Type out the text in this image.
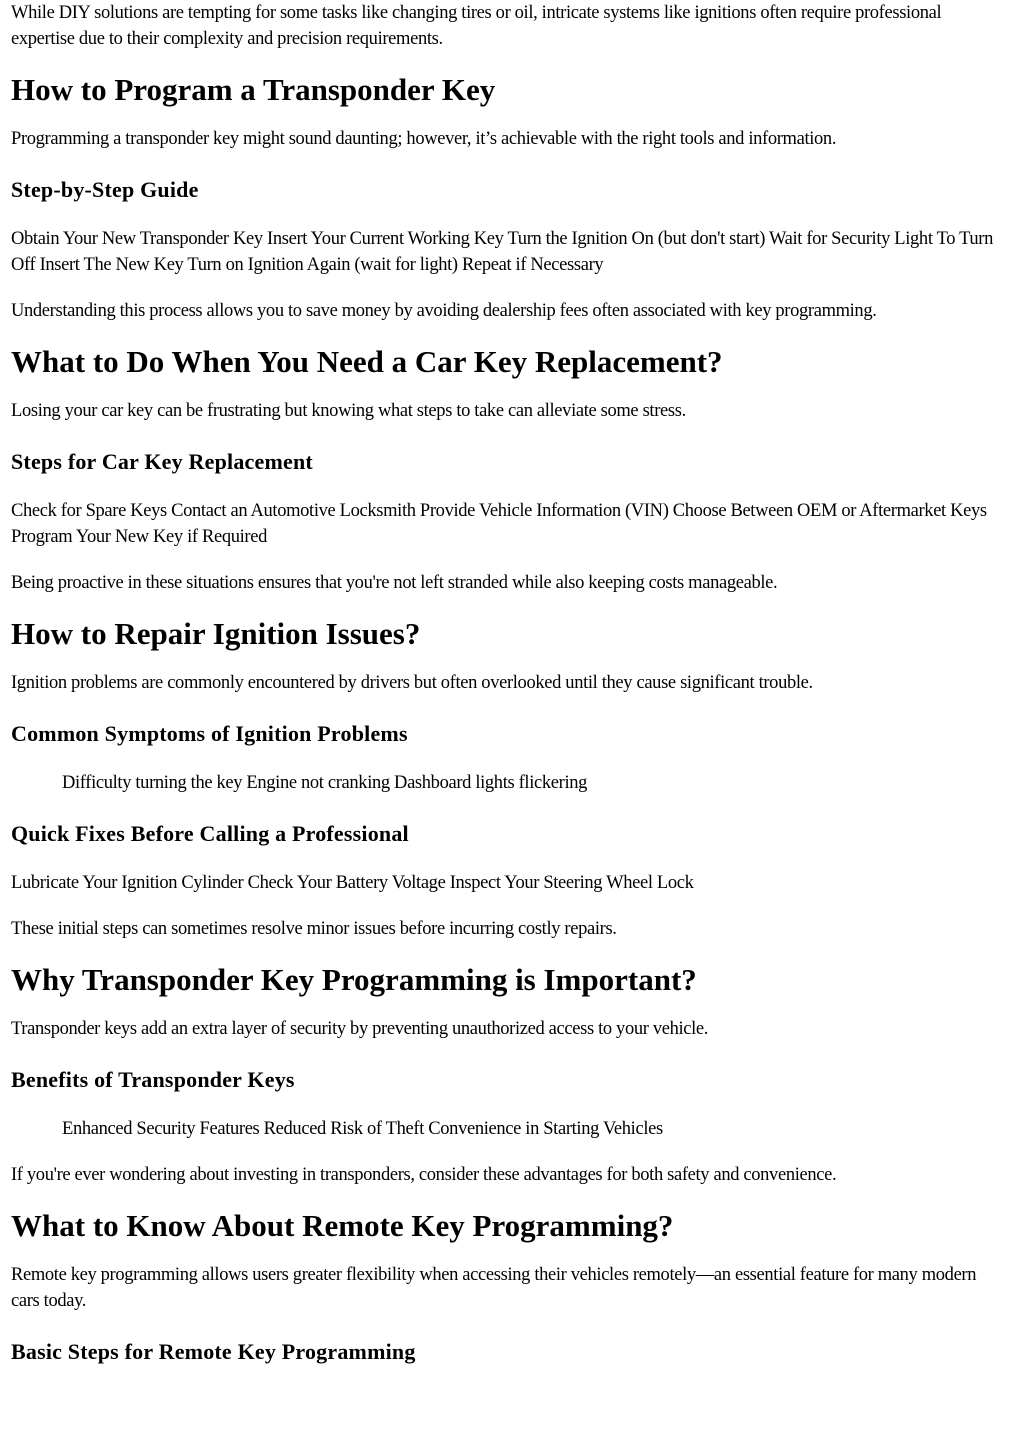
While DIY solutions are tempting for some tasks like changing tires or oil, intricate systems like ignitions often require professional expertise due to their complexity and precision requirements.

How to Program a Transponder Key

Programming a transponder key might sound daunting; however, it’s achievable with the right tools and information.

Step-by-Step Guide

Obtain Your New Transponder Key Insert Your Current Working Key Turn the Ignition On (but don't start) Wait for Security Light To Turn Off Insert The New Key Turn on Ignition Again (wait for light) Repeat if Necessary

Understanding this process allows you to save money by avoiding dealership fees often associated with key programming.

What to Do When You Need a Car Key Replacement?

Losing your car key can be frustrating but knowing what steps to take can alleviate some stress.

Steps for Car Key Replacement

Check for Spare Keys Contact an Automotive Locksmith Provide Vehicle Information (VIN) Choose Between OEM or Aftermarket Keys Program Your New Key if Required

Being proactive in these situations ensures that you're not left stranded while also keeping costs manageable.

How to Repair Ignition Issues?

Ignition problems are commonly encountered by drivers but often overlooked until they cause significant trouble.

Common Symptoms of Ignition Problems

Difficulty turning the key Engine not cranking Dashboard lights flickering

Quick Fixes Before Calling a Professional

Lubricate Your Ignition Cylinder Check Your Battery Voltage Inspect Your Steering Wheel Lock

These initial steps can sometimes resolve minor issues before incurring costly repairs.

Why Transponder Key Programming is Important?

Transponder keys add an extra layer of security by preventing unauthorized access to your vehicle.

Benefits of Transponder Keys

Enhanced Security Features Reduced Risk of Theft Convenience in Starting Vehicles

If you're ever wondering about investing in transponders, consider these advantages for both safety and convenience.

What to Know About Remote Key Programming?

Remote key programming allows users greater flexibility when accessing their vehicles remotely—an essential feature for many modern cars today.

Basic Steps for Remote Key Programming
